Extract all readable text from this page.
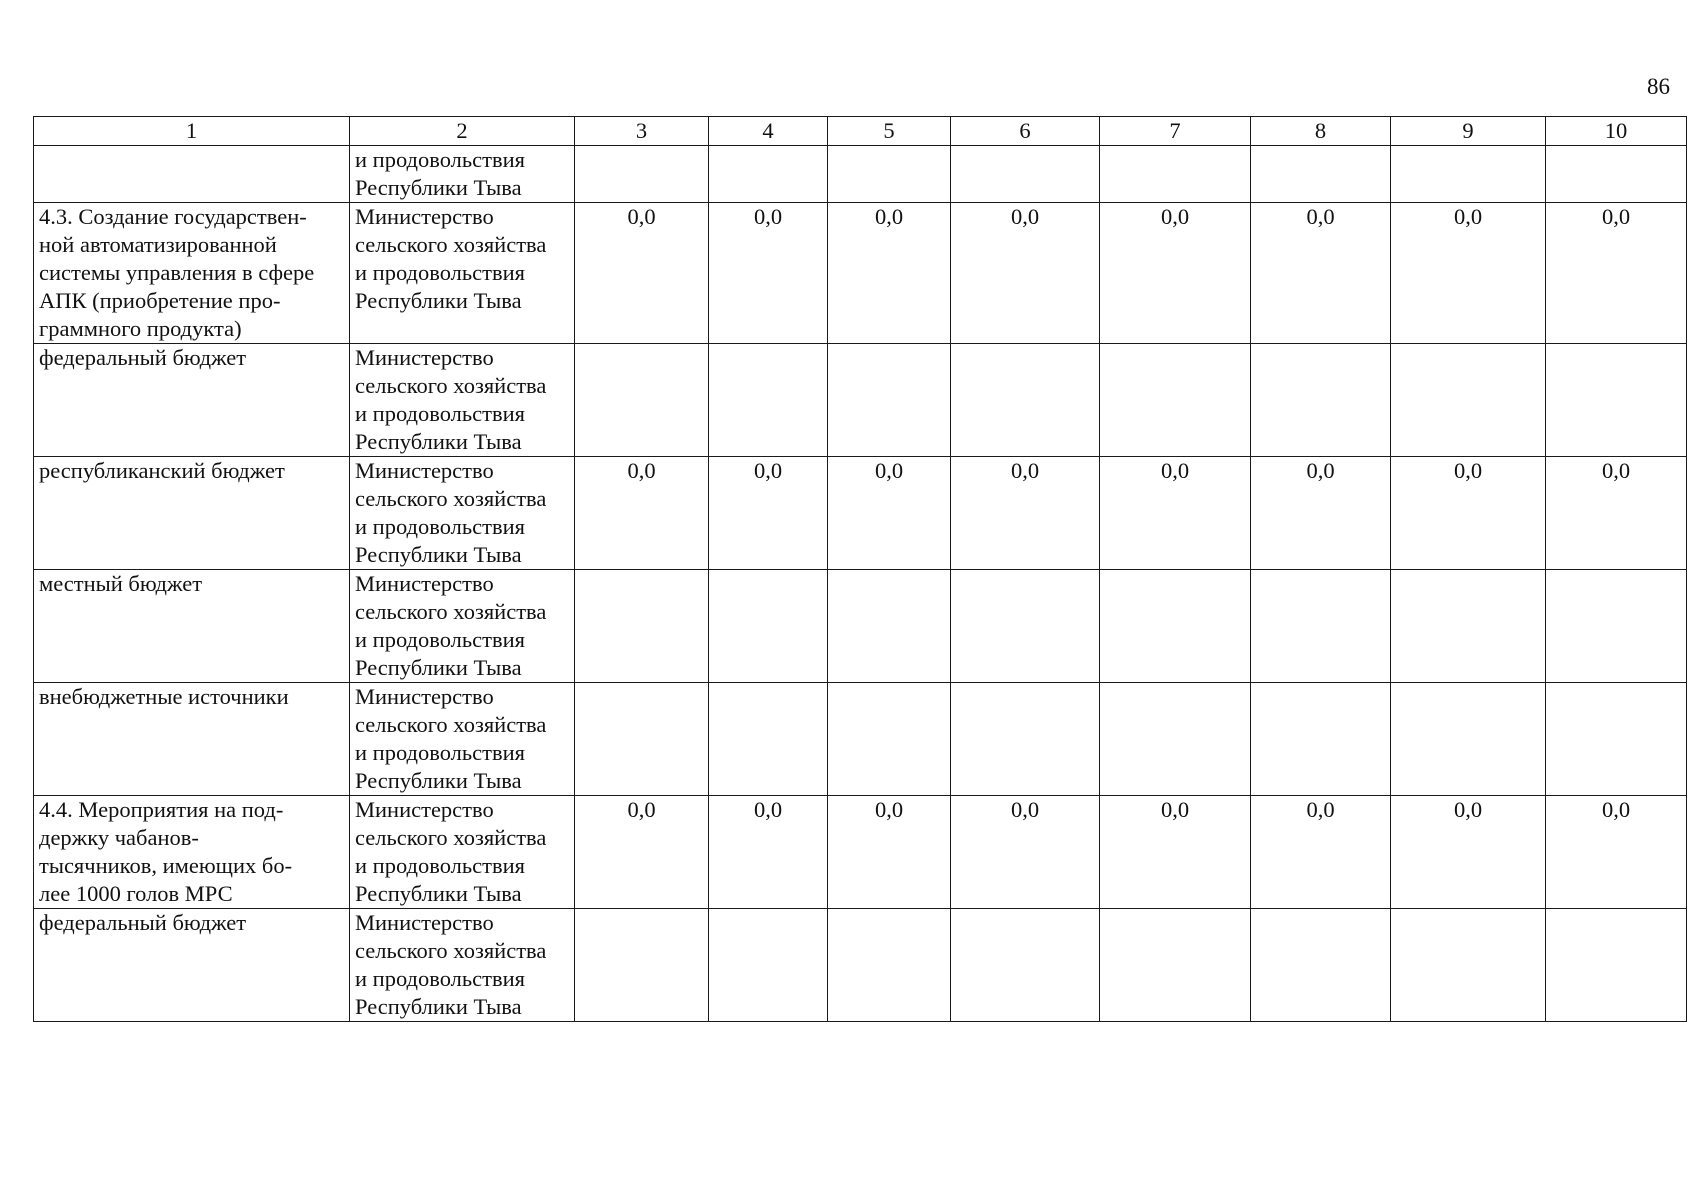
86
1	2	3	4	5	6	7	8	9	10

	и продовольствия
Республики Тыва								

4.3. Создание государствен-
ной автоматизированной
системы управления в сфере
АПК (приобретение про-
граммного продукта)	Министерство
сельского хозяйства
и продовольствия
Республики Тыва	0,0	0,0	0,0	0,0	0,0	0,0	0,0	0,0

федеральный бюджет	Министерство
сельского хозяйства
и продовольствия
Республики Тыва								

республиканский бюджет	Министерство
сельского хозяйства
и продовольствия
Республики Тыва	0,0	0,0	0,0	0,0	0,0	0,0	0,0	0,0

местный бюджет	Министерство
сельского хозяйства
и продовольствия
Республики Тыва								

внебюджетные источники	Министерство
сельского хозяйства
и продовольствия
Республики Тыва								

4.4. Мероприятия на под-
держку чабанов-
тысячников, имеющих бо-
лее 1000 голов МРС	Министерство
сельского хозяйства
и продовольствия
Республики Тыва	0,0	0,0	0,0	0,0	0,0	0,0	0,0	0,0

федеральный бюджет	Министерство
сельского хозяйства
и продовольствия
Республики Тыва								
